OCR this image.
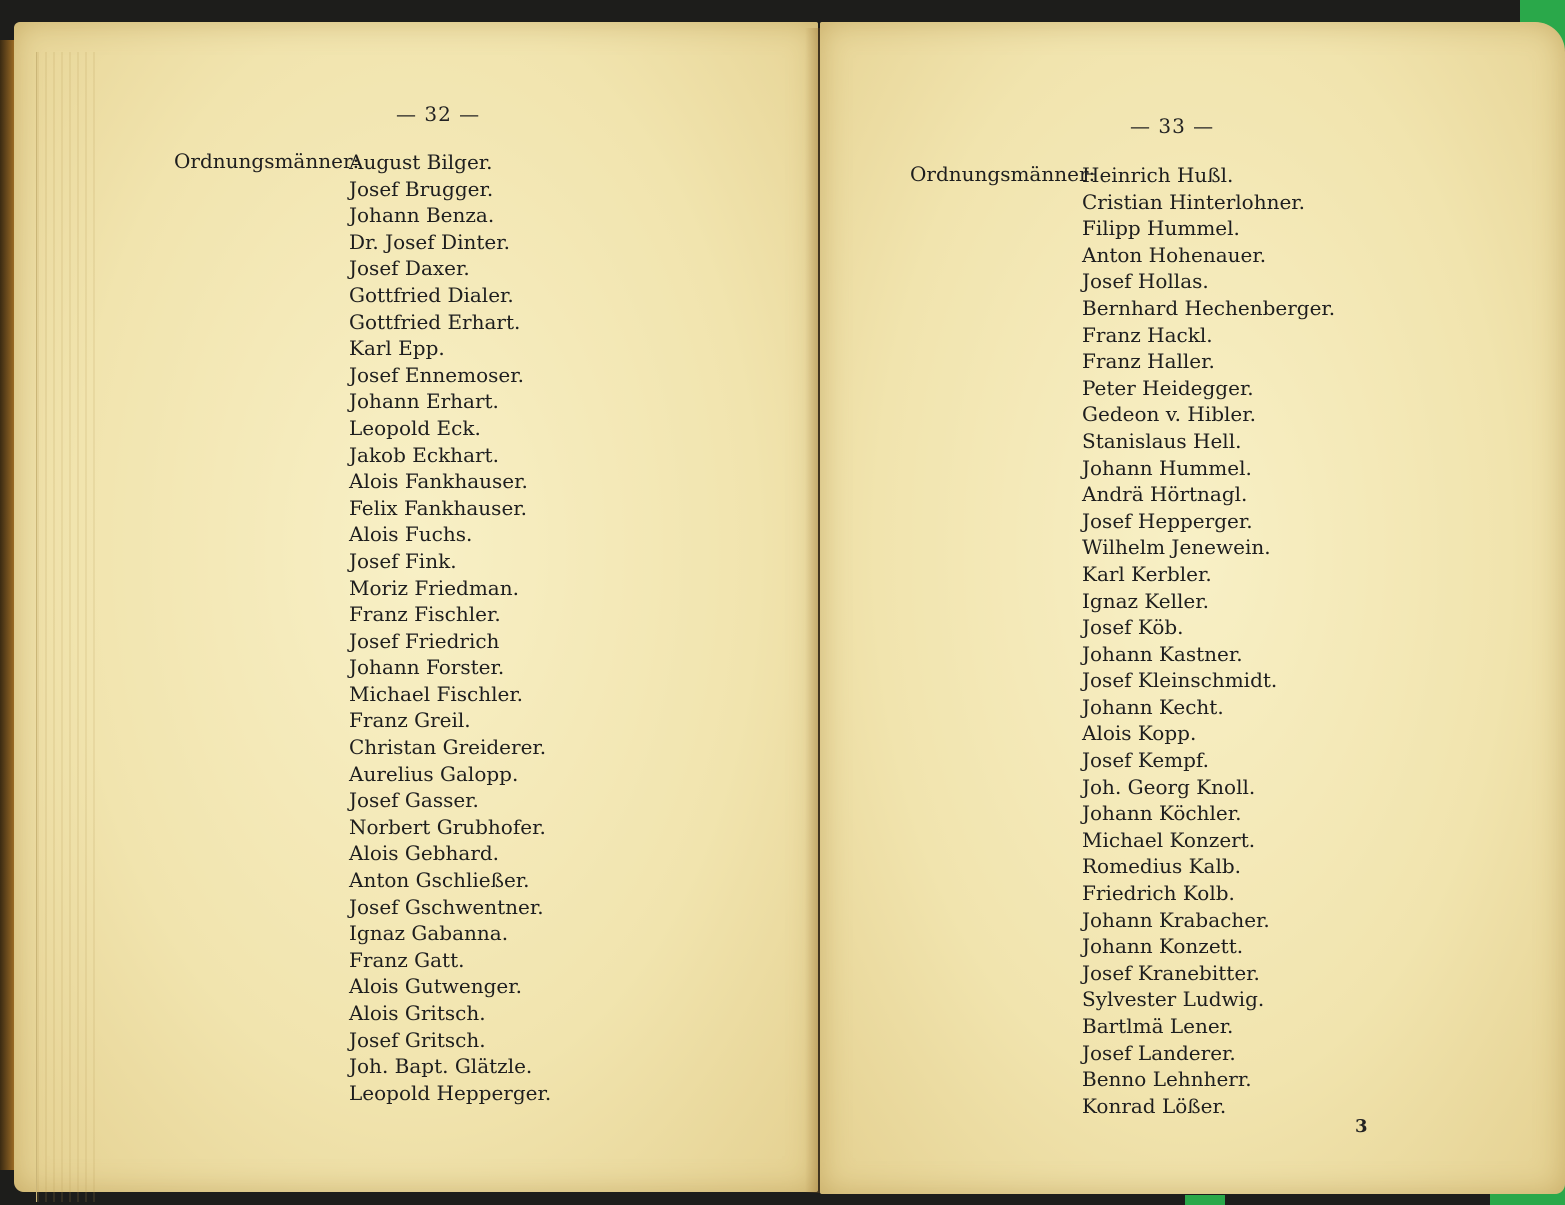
— 32 —
Ordnungsmänner:
August Bilger.
Josef Brugger.
Johann Benza.
Dr. Josef Dinter.
Josef Daxer.
Gottfried Dialer.
Gottfried Erhart.
Karl Epp.
Josef Ennemoser.
Johann Erhart.
Leopold Eck.
Jakob Eckhart.
Alois Fankhauser.
Felix Fankhauser.
Alois Fuchs.
Josef Fink.
Moriz Friedman.
Franz Fischler.
Josef Friedrich
Johann Forster.
Michael Fischler.
Franz Greil.
Christan Greiderer.
Aurelius Galopp.
Josef Gasser.
Norbert Grubhofer.
Alois Gebhard.
Anton Gschließer.
Josef Gschwentner.
Ignaz Gabanna.
Franz Gatt.
Alois Gutwenger.
Alois Gritsch.
Josef Gritsch.
Joh. Bapt. Glätzle.
Leopold Hepperger.
— 33 —
Ordnungsmänner:
Heinrich Hußl.
Cristian Hinterlohner.
Filipp Hummel.
Anton Hohenauer.
Josef Hollas.
Bernhard Hechenberger.
Franz Hackl.
Franz Haller.
Peter Heidegger.
Gedeon v. Hibler.
Stanislaus Hell.
Johann Hummel.
Andrä Hörtnagl.
Josef Hepperger.
Wilhelm Jenewein.
Karl Kerbler.
Ignaz Keller.
Josef Köb.
Johann Kastner.
Josef Kleinschmidt.
Johann Kecht.
Alois Kopp.
Josef Kempf.
Joh. Georg Knoll.
Johann Köchler.
Michael Konzert.
Romedius Kalb.
Friedrich Kolb.
Johann Krabacher.
Johann Konzett.
Josef Kranebitter.
Sylvester Ludwig.
Bartlmä Lener.
Josef Landerer.
Benno Lehnherr.
Konrad Lößer.
3
